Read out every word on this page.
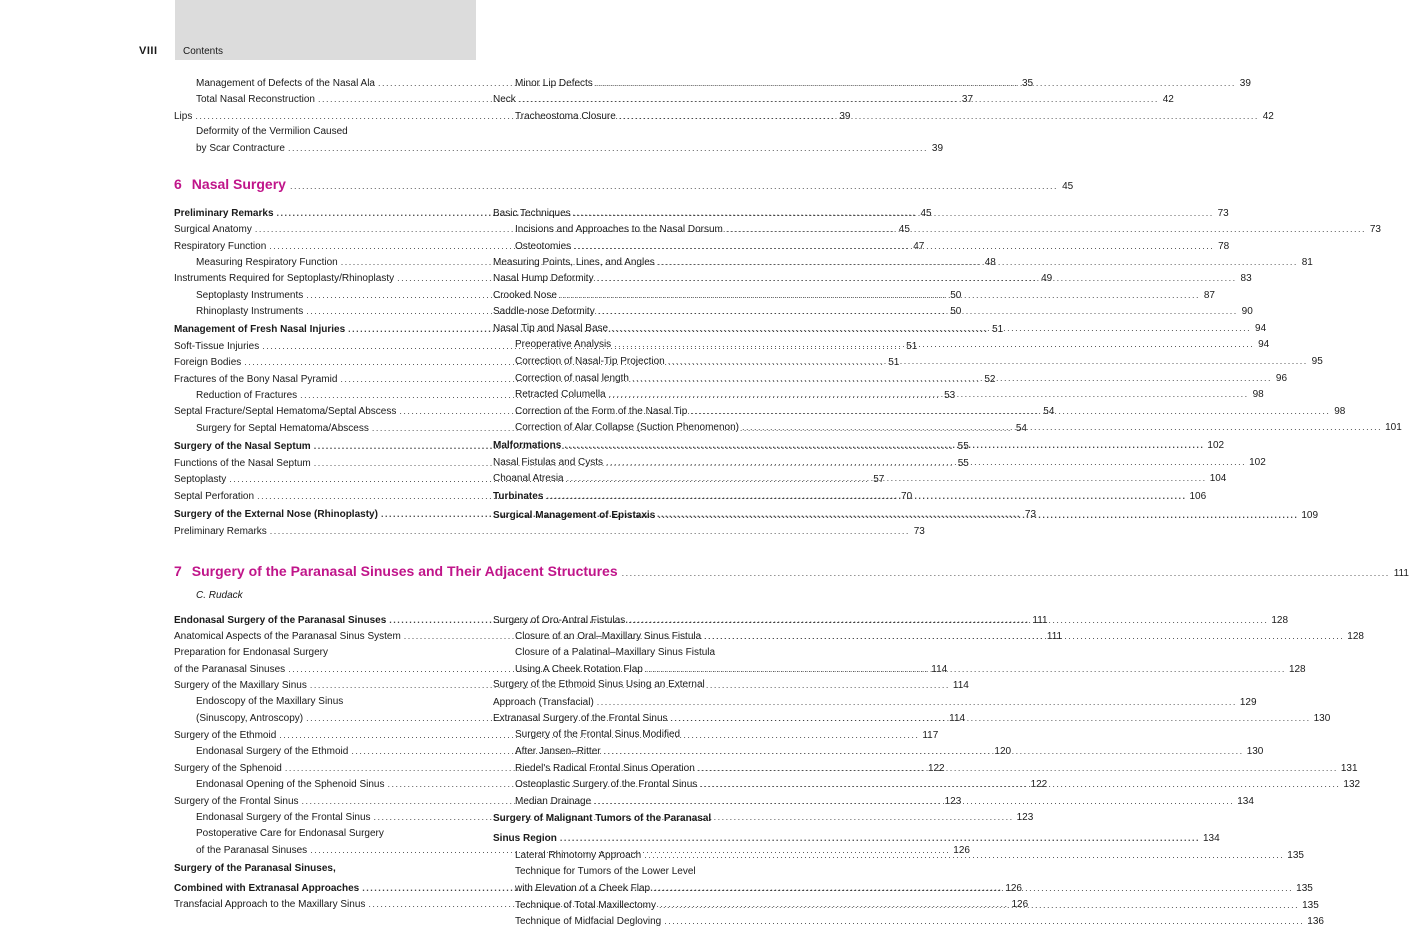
VIII	Contents
Management of Defects of the Nasal Ala .....	35
Total Nasal Reconstruction .....	37
Lips .....	39
Deformity of the Vermilion Caused
by Scar Contracture .....	39
Minor Lip Defects .....	39
Neck .....	42
Tracheostoma Closure .....	42
6 Nasal Surgery .....	45
Preliminary Remarks .....	45
Surgical Anatomy .....	45
Respiratory Function .....	47
Measuring Respiratory Function .....	48
Instruments Required for Septoplasty/Rhinoplasty .....	49
Septoplasty Instruments .....	50
Rhinoplasty Instruments .....	50
Management of Fresh Nasal Injuries .....	51
Soft-Tissue Injuries .....	51
Foreign Bodies .....	51
Fractures of the Bony Nasal Pyramid .....	52
Reduction of Fractures .....	53
Septal Fracture/Septal Hematoma/Septal Abscess .....	54
Surgery for Septal Hematoma/Abscess .....	54
Surgery of the Nasal Septum .....	55
Functions of the Nasal Septum .....	55
Septoplasty .....	57
Septal Perforation .....	70
Surgery of the External Nose (Rhinoplasty) .....	73
Preliminary Remarks .....	73
Basic Techniques .....	73
Incisions and Approaches to the Nasal Dorsum .....	73
Osteotomies .....	78
Measuring Points, Lines, and Angles .....	81
Nasal Hump Deformity .....	83
Crooked Nose .....	87
Saddle-nose Deformity .....	90
Nasal Tip and Nasal Base .....	94
Preoperative Analysis .....	94
Correction of Nasal-Tip Projection .....	95
Correction of nasal length .....	96
Retracted Columella .....	98
Correction of the Form of the Nasal Tip .....	98
Correction of Alar Collapse (Suction Phenomenon) .....	101
Malformations .....	102
Nasal Fistulas and Cysts .....	102
Choanal Atresia .....	104
Turbinates .....	106
Surgical Management of Epistaxis .....	109
7 Surgery of the Paranasal Sinuses and Their Adjacent Structures .....	111
C. Rudack
Endonasal Surgery of the Paranasal Sinuses .....	111
Anatomical Aspects of the Paranasal Sinus System .....	111
Preparation for Endonasal Surgery
of the Paranasal Sinuses .....	114
Surgery of the Maxillary Sinus .....	114
Endoscopy of the Maxillary Sinus
(Sinuscopy, Antroscopy) .....	114
Surgery of the Ethmoid .....	117
Endonasal Surgery of the Ethmoid .....	120
Surgery of the Sphenoid .....	122
Endonasal Opening of the Sphenoid Sinus .....	122
Surgery of the Frontal Sinus .....	123
Endonasal Surgery of the Frontal Sinus .....	123
Postoperative Care for Endonasal Surgery
of the Paranasal Sinuses .....	126
Surgery of the Paranasal Sinuses,
Combined with Extranasal Approaches .....	126
Transfacial Approach to the Maxillary Sinus .....	126
Surgery of Oro-Antral Fistulas .....	128
Closure of an Oral–Maxillary Sinus Fistula .....	128
Closure of a Palatinal–Maxillary Sinus Fistula
Using A Cheek Rotation Flap .....	128
Surgery of the Ethmoid Sinus Using an External
Approach (Transfacial) .....	129
Extranasal Surgery of the Frontal Sinus .....	130
Surgery of the Frontal Sinus Modified
After Jansen–Ritter .....	130
Riedel's Radical Frontal Sinus Operation .....	131
Osteoplastic Surgery of the Frontal Sinus .....	132
Median Drainage .....	134
Surgery of Malignant Tumors of the Paranasal
Sinus Region .....	134
Lateral Rhinotomy Approach .....	135
Technique for Tumors of the Lower Level
with Elevation of a Cheek Flap .....	135
Technique of Total Maxillectomy .....	135
Technique of Midfacial Degloving .....	136
